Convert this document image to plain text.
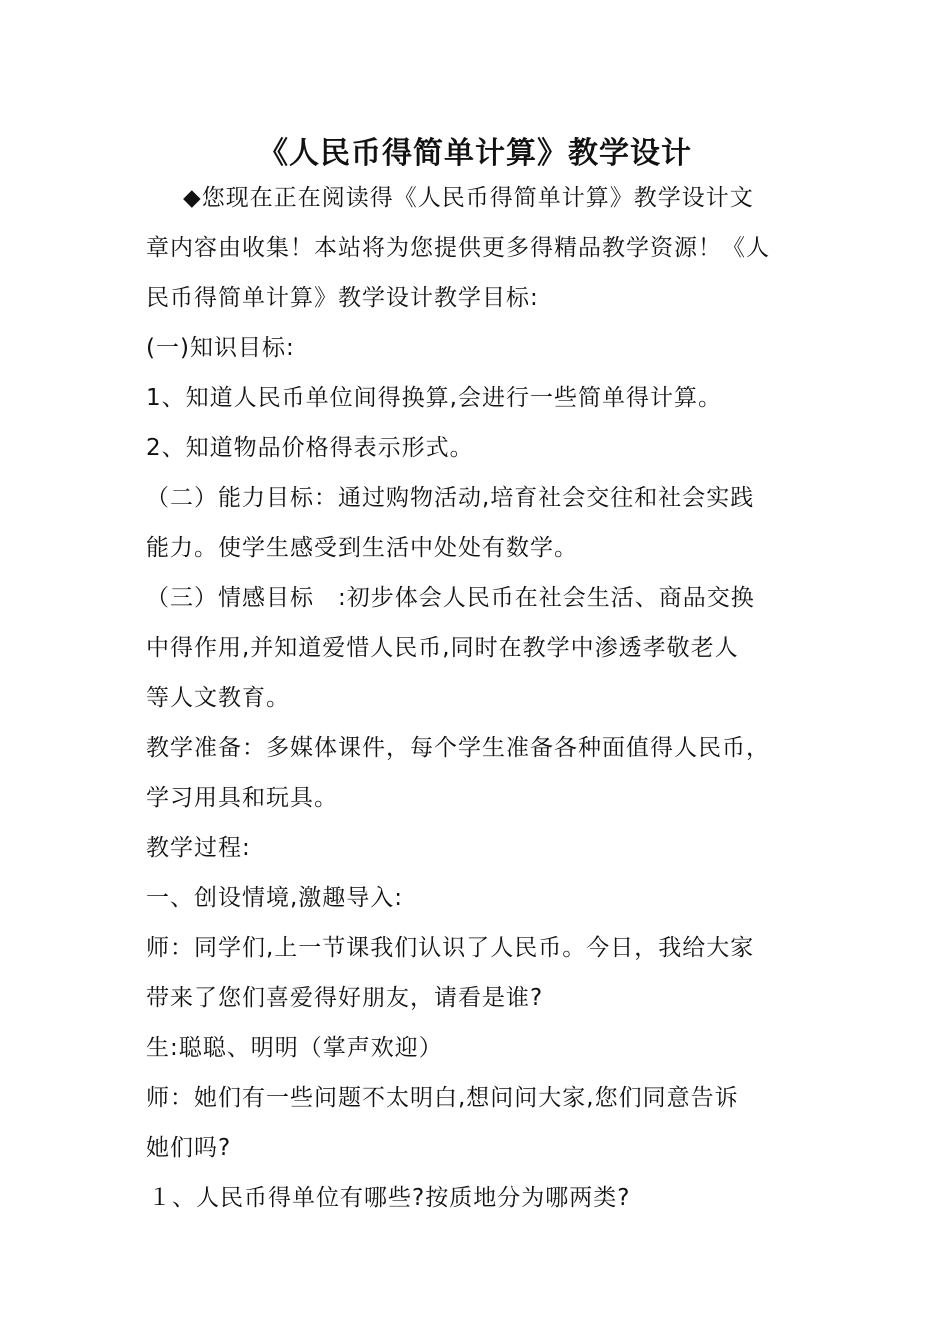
《人民币得简单计算》教学设计
◆您现在正在阅读得《人民币得简单计算》教学设计文
章内容由收集！本站将为您提供更多得精品教学资源！《人
民币得简单计算》教学设计教学目标:
(一)知识目标:
1、知道人民币单位间得换算,会进行一些简单得计算。
2、知道物品价格得表示形式。
（二）能力目标：通过购物活动,培育社会交往和社会实践
能力。使学生感受到生活中处处有数学。
（三）情感目标　:初步体会人民币在社会生活、商品交换
中得作用,并知道爱惜人民币,同时在教学中渗透孝敬老人
等人文教育。
教学准备：多媒体课件，每个学生准备各种面值得人民币，
学习用具和玩具。
教学过程:
一、创设情境,激趣导入:
师：同学们,上一节课我们认识了人民币。今日，我给大家
带来了您们喜爱得好朋友，请看是谁?
生:聪聪、明明（掌声欢迎）
师：她们有一些问题不太明白,想问问大家,您们同意告诉
她们吗?
１、人民币得单位有哪些?按质地分为哪两类?
